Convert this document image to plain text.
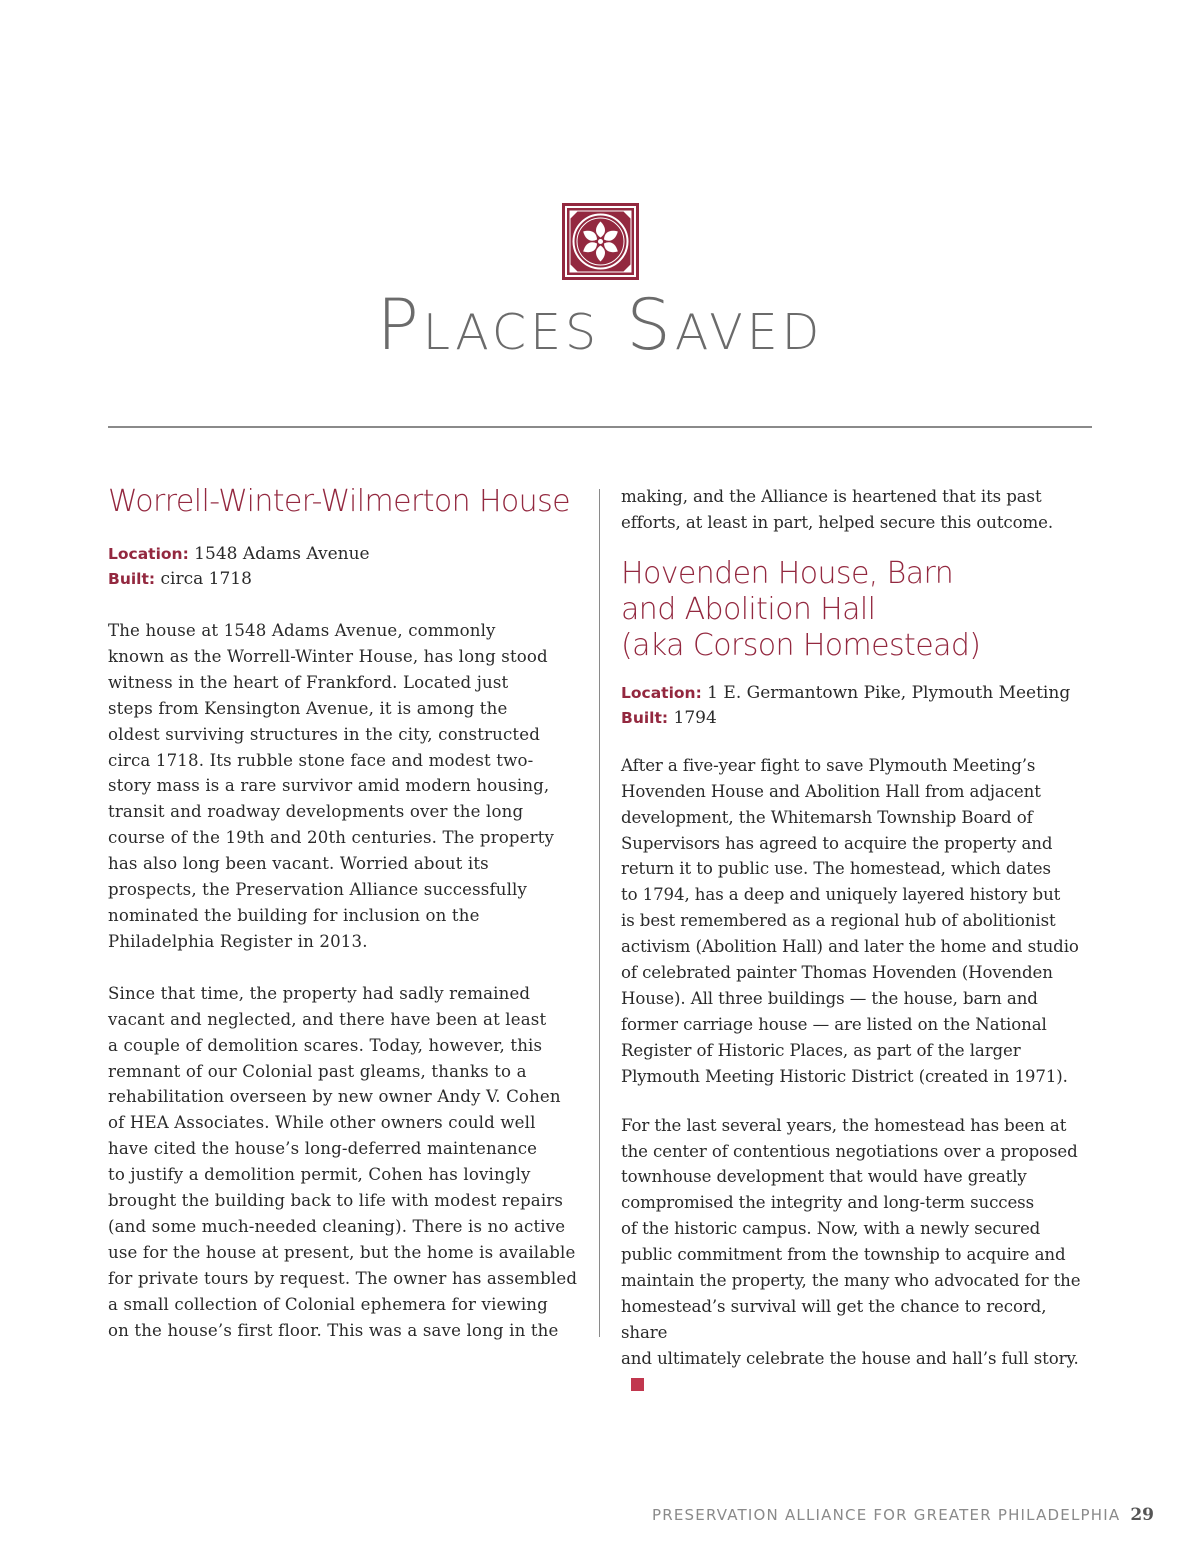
Places Saved
Worrell-Winter-Wilmerton House

Location: 1548 Adams Avenue

Built: circa 1718

The house at 1548 Adams Avenue, commonly
known as the Worrell-Winter House, has long stood
witness in the heart of Frankford. Located just
steps from Kensington Avenue, it is among the
oldest surviving structures in the city, constructed
circa 1718. Its rubble stone face and modest two-
story mass is a rare survivor amid modern housing,
transit and roadway developments over the long
course of the 19th and 20th centuries. The property
has also long been vacant. Worried about its
prospects, the Preservation Alliance successfully
nominated the building for inclusion on the
Philadelphia Register in 2013.

Since that time, the property had sadly remained
vacant and neglected, and there have been at least
a couple of demolition scares. Today, however, this
remnant of our Colonial past gleams, thanks to a
rehabilitation overseen by new owner Andy V. Cohen
of HEA Associates. While other owners could well
have cited the house’s long-deferred maintenance
to justify a demolition permit, Cohen has lovingly
brought the building back to life with modest repairs
(and some much-needed cleaning). There is no active
use for the house at present, but the home is available
for private tours by request. The owner has assembled
a small collection of Colonial ephemera for viewing
on the house’s first floor. This was a save long in the

making, and the Alliance is heartened that its past
efforts, at least in part, helped secure this outcome.

Hovenden House, Barn
and Abolition Hall
(aka Corson Homestead)

Location: 1 E. Germantown Pike, Plymouth Meeting

Built: 1794

After a five-year fight to save Plymouth Meeting’s
Hovenden House and Abolition Hall from adjacent
development, the Whitemarsh Township Board of
Supervisors has agreed to acquire the property and
return it to public use. The homestead, which dates
to 1794, has a deep and uniquely layered history but
is best remembered as a regional hub of abolitionist
activism (Abolition Hall) and later the home and studio
of celebrated painter Thomas Hovenden (Hovenden
House). All three buildings — the house, barn and
former carriage house — are listed on the National
Register of Historic Places, as part of the larger
Plymouth Meeting Historic District (created in 1971).

For the last several years, the homestead has been at
the center of contentious negotiations over a proposed
townhouse development that would have greatly
compromised the integrity and long-term success
of the historic campus. Now, with a newly secured
public commitment from the township to acquire and
maintain the property, the many who advocated for the
homestead’s survival will get the chance to record, share
and ultimately celebrate the house and hall’s full story.

PRESERVATION ALLIANCE FOR GREATER PHILADELPHIA 29
